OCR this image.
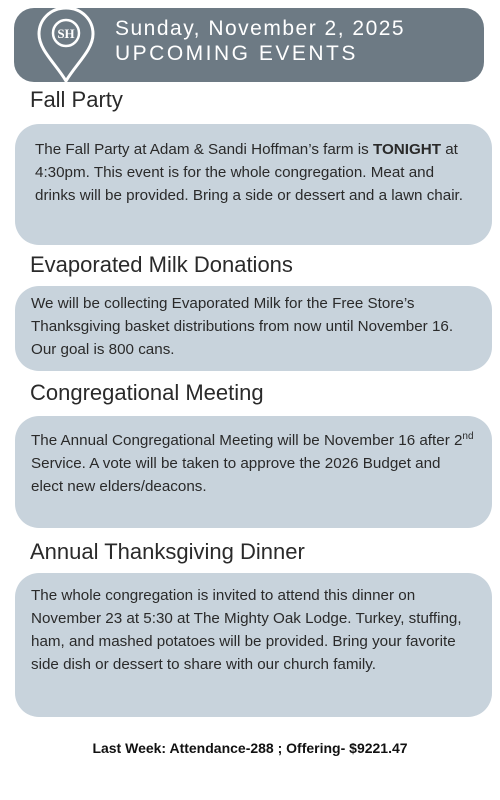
SH Sunday, November 2, 2025
UPCOMING EVENTS
Fall Party

The Fall Party at Adam & Sandi Hoffman’s farm is TONIGHT at 4:30pm. This event is for the whole congregation. Meat and drinks will be provided. Bring a side or dessert and a lawn chair.

Evaporated Milk Donations

We will be collecting Evaporated Milk for the Free Store’s Thanksgiving basket distributions from now until November 16. Our goal is 800 cans.

Congregational Meeting

The Annual Congregational Meeting will be November 16 after 2nd Service. A vote will be taken to approve the 2026 Budget and elect new elders/deacons.

Annual Thanksgiving Dinner

The whole congregation is invited to attend this dinner on November 23 at 5:30 at The Mighty Oak Lodge. Turkey, stuffing, ham, and mashed potatoes will be provided. Bring your favorite side dish or dessert to share with our church family.

Last Week: Attendance-288 ; Offering- $9221.47
